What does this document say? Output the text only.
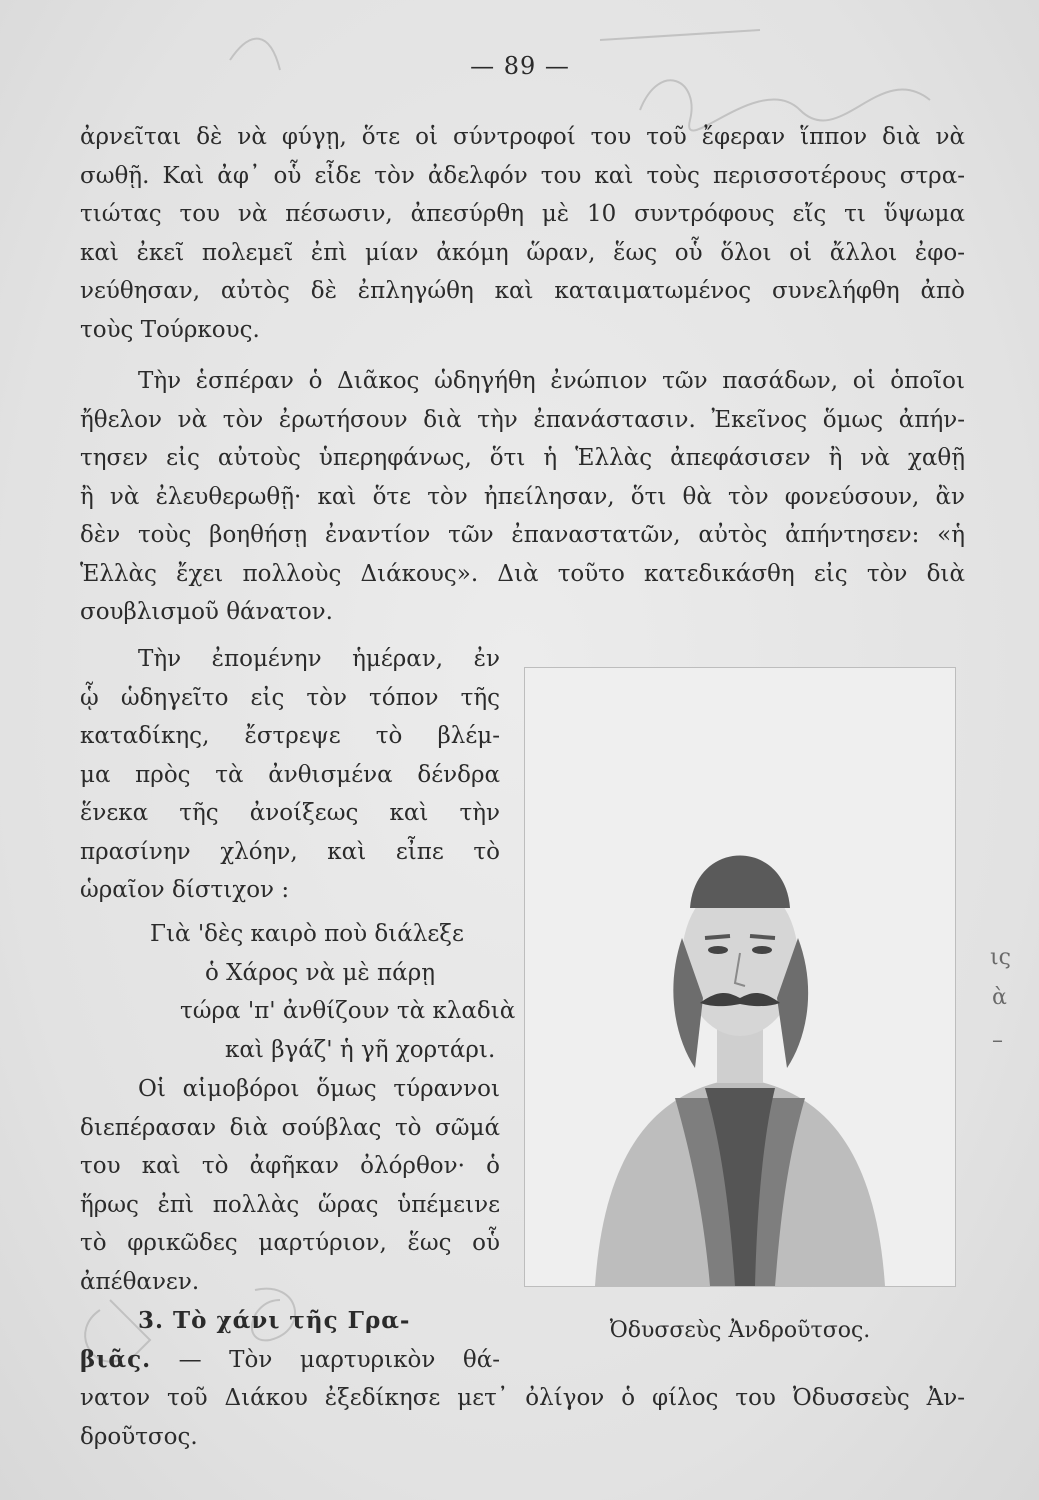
— 89 —
ἀρνεῖται δὲ νὰ φύγῃ, ὅτε οἱ σύντροφοί του τοῦ ἔφεραν ἵππον διὰ νὰ
σωθῇ. Καὶ ἀφ᾿ οὗ εἶδε τὸν ἀδελφόν του καὶ τοὺς περισσοτέρους στρα-
τιώτας του νὰ πέσωσιν, ἀπεσύρθη μὲ 10 συντρόφους εἴς τι ὕψωμα
καὶ ἐκεῖ πολεμεῖ ἐπὶ μίαν ἀκόμη ὥραν, ἕως οὗ ὅλοι οἱ ἄλλοι ἐφο-
νεύθησαν, αὐτὸς δὲ ἐπληγώθη καὶ καταιματωμένος συνελήφθη ἀπὸ
τοὺς Τούρκους.
Τὴν ἑσπέραν ὁ Διᾶκος ὡδηγήθη ἐνώπιον τῶν πασάδων, οἱ ὁποῖοι
ἤθελον νὰ τὸν ἐρωτήσουν διὰ τὴν ἐπανάστασιν. Ἐκεῖνος ὅμως ἀπήν-
τησεν εἰς αὐτοὺς ὑπερηφάνως, ὅτι ἡ Ἑλλὰς ἀπεφάσισεν ἢ νὰ χαθῇ
ἢ νὰ ἐλευθερωθῇ· καὶ ὅτε τὸν ἠπείλησαν, ὅτι θὰ τὸν φονεύσουν, ἂν
δὲν τοὺς βοηθήσῃ ἐναντίον τῶν ἐπαναστατῶν, αὐτὸς ἀπήντησεν: «ἡ
Ἑλλὰς ἔχει πολλοὺς Διάκους». Διὰ τοῦτο κατεδικάσθη εἰς τὸν διὰ
σουβλισμοῦ θάνατον.
Τὴν ἐπομένην ἡμέραν, ἐν
ᾧ ὡδηγεῖτο εἰς τὸν τόπον τῆς
καταδίκης, ἔστρεψε τὸ βλέμ-
μα πρὸς τὰ ἀνθισμένα δένδρα
ἕνεκα τῆς ἀνοίξεως καὶ τὴν
πρασίνην χλόην, καὶ εἶπε τὸ
ὡραῖον δίστιχον :
Γιὰ 'δὲς καιρὸ ποὺ διάλεξε
ὁ Χάρος νὰ μὲ πάρῃ
τώρα 'π' ἀνθίζουν τὰ κλαδιὰ
καὶ βγάζ' ἡ γῆ χορτάρι.
Οἱ αἱμοβόροι ὅμως τύραννοι
διεπέρασαν διὰ σούβλας τὸ σῶμά
του καὶ τὸ ἀφῆκαν ὀλόρθον· ὁ
ἥρως ἐπὶ πολλὰς ὥρας ὑπέμεινε
τὸ φρικῶδες μαρτύριον, ἕως οὗ
ἀπέθανεν.
3. Τὸ χάνι τῆς Γρα-
βιᾶς. — Τὸν μαρτυρικὸν θά-
νατον τοῦ Διάκου ἐξεδίκησε μετ᾿ ὀλίγον ὁ φίλος του Ὀδυσσεὺς Ἀν-
δροῦτσος.
Ὀδυσσεὺς Ἀνδροῦτσος.
ις
ὰ
–
